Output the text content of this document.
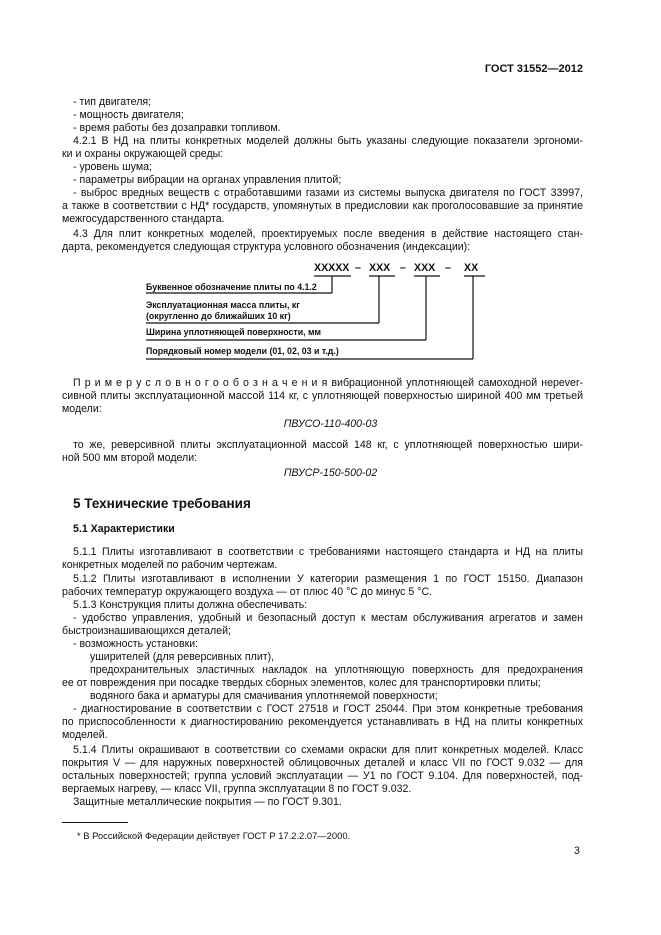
ГОСТ 31552—2012
- тип двигателя;
- мощность двигателя;
- время работы без дозаправки топливом.
4.2.1 В НД на плиты конкретных моделей должны быть указаны следующие показатели эргономи-
ки и охраны окружающей среды:
- уровень шума;
- параметры вибрации на органах управления плитой;
- выброс вредных веществ с отработавшими газами из системы выпуска двигателя по ГОСТ 33997,
а также в соответствии с НД* государств, упомянутых в предисловии как проголосовавшие за принятие
межгосударственного стандарта.
4.3 Для плит конкретных моделей, проектируемых после введения в действие настоящего стан-
дарта, рекомендуется следующая структура условного обозначения (индексации):
П р и м е р у с л о в н о г о о б о з н а ч е н и я вибрационной уплотняющей самоходной нерever-
сивной плиты эксплуатационной массой 114 кг, с уплотняющей поверхностью шириной 400 мм третьей
модели:
то же, реверсивной плиты эксплуатационной массой 148 кг, с уплотняющей поверхностью шири-
ной 500 мм второй модели:
5.1.1 Плиты изготавливают в соответствии с требованиями настоящего стандарта и НД на плиты
конкретных моделей по рабочим чертежам.
5.1.2 Плиты изготавливают в исполнении У категории размещения 1 по ГОСТ 15150. Диапазон
рабочих температур окружающего воздуха — от плюс 40 °С до минус 5 °С.
5.1.3 Конструкция плиты должна обеспечивать:
- удобство управления, удобный и безопасный доступ к местам обслуживания агрегатов и замен
быстроизнашивающихся деталей;
- возможность установки:
уширителей (для реверсивных плит),
предохранительных эластичных накладок на уплотняющую поверхность для предохранения
ее от повреждения при посадке твердых сборных элементов, колес для транспортировки плиты;
водяного бака и арматуры для смачивания уплотняемой поверхности;
- диагностирование в соответствии с ГОСТ 27518 и ГОСТ 25044. При этом конкретные требования
по приспособленности к диагностированию рекомендуется устанавливать в НД на плиты конкретных
моделей.
5.1.4 Плиты окрашивают в соответствии со схемами окраски для плит конкретных моделей. Класс
покрытия V — для наружных поверхностей облицовочных деталей и класс VII по ГОСТ 9.032 — для
остальных поверхностей; группа условий эксплуатации — У1 по ГОСТ 9.104. Для поверхностей, под-
вергаемых нагреву, — класс VII, группа эксплуатации 8 по ГОСТ 9.032.
Защитные металлические покрытия — по ГОСТ 9.301.
ПВУСО-110-400-03
ПВУСР-150-500-02
5 Технические требования
5.1 Характеристики
ХХХХХ – ХХХ – ХХХ – ХХ
Буквенное обозначение плиты по 4.1.2
Эксплуатационная масса плиты, кг
(округленно до ближайших 10 кг)
Ширина уплотняющей поверхности, мм
Порядковый номер модели (01, 02, 03 и т.д.)
* В Российской Федерации действует ГОСТ Р 17.2.2.07—2000.
3
